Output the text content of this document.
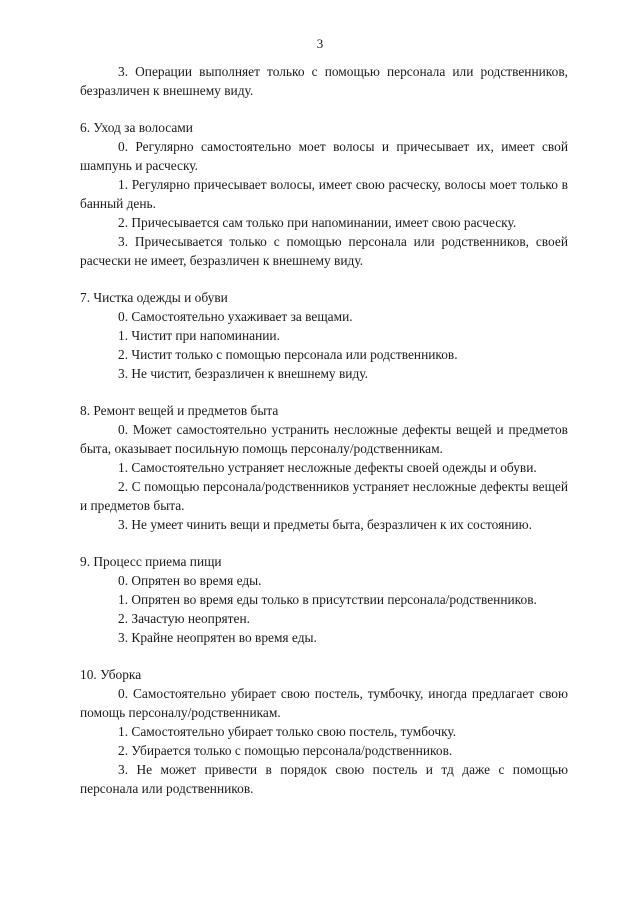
3

3. Операции выполняет только с помощью персонала или родственников, безразличен к внешнему виду.

6. Уход за волосами

0. Регулярно самостоятельно моет волосы и причесывает их, имеет свой шампунь и расческу.

1. Регулярно причесывает волосы, имеет свою расческу, волосы моет только в банный день.

2. Причесывается сам только при напоминании, имеет свою расческу.

3. Причесывается только с помощью персонала или родственников, своей расчески не имеет, безразличен к внешнему виду.

7. Чистка одежды и обуви

0. Самостоятельно ухаживает за вещами.

1. Чистит при напоминании.

2. Чистит только с помощью персонала или родственников.

3. Не чистит, безразличен к внешнему виду.

8. Ремонт вещей и предметов быта

0. Может самостоятельно устранить несложные дефекты вещей и предметов быта, оказывает посильную помощь персоналу/родственникам.

1. Самостоятельно устраняет несложные дефекты своей одежды и обуви.

2. С помощью персонала/родственников устраняет несложные дефекты вещей и предметов быта.

3. Не умеет чинить вещи и предметы быта, безразличен к их состоянию.

9. Процесс приема пищи

0. Опрятен во время еды.

1. Опрятен во время еды только в присутствии персонала/родственников.

2. Зачастую неопрятен.

3. Крайне неопрятен во время еды.

10. Уборка

0. Самостоятельно убирает свою постель, тумбочку, иногда предлагает свою помощь персоналу/родственникам.

1. Самостоятельно убирает только свою постель, тумбочку.

2. Убирается только с помощью персонала/родственников.

3. Не может привести в порядок свою постель и тд даже с помощью персонала или родственников.
